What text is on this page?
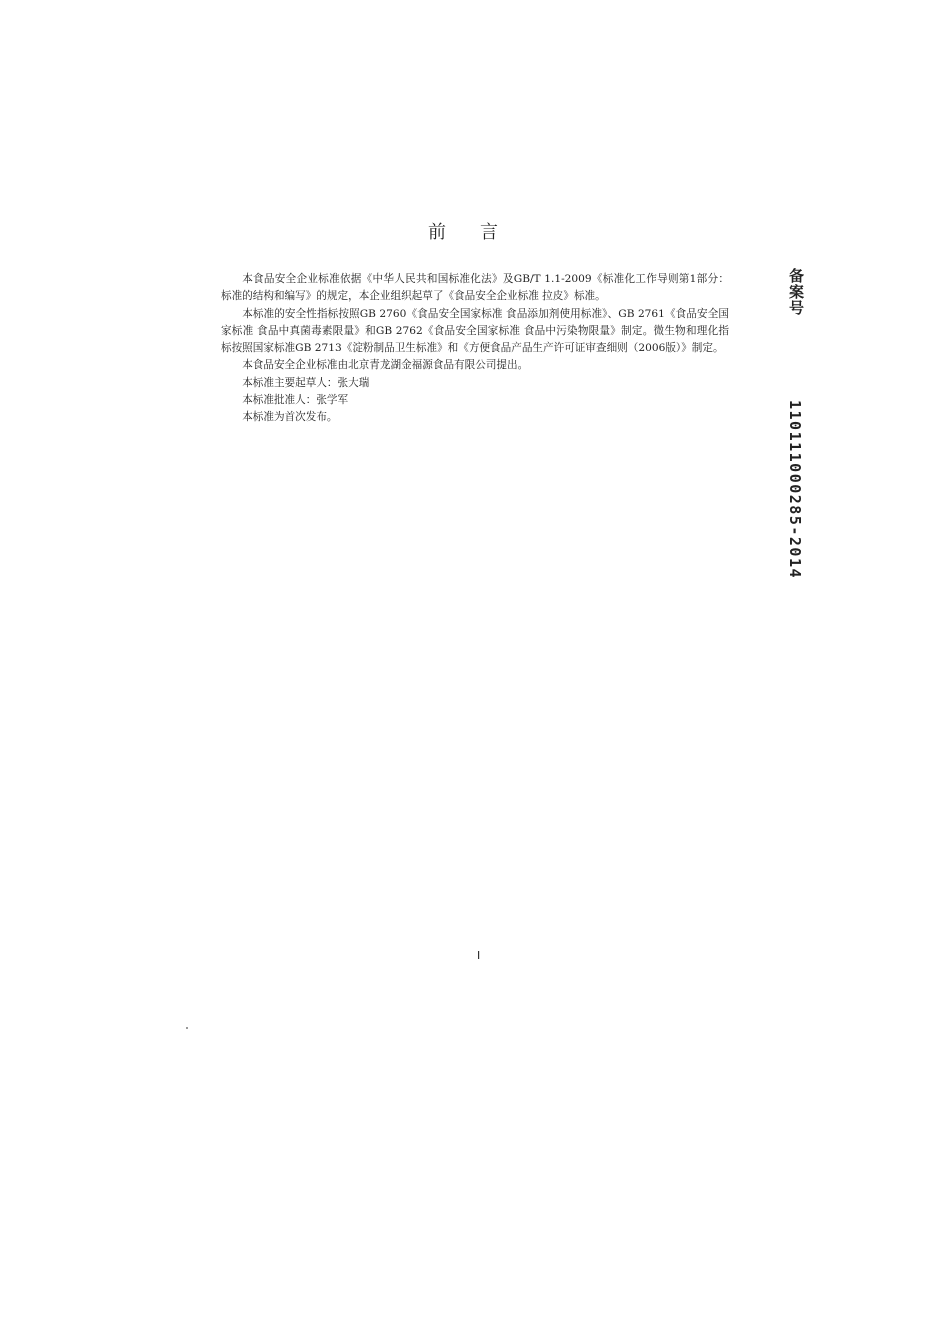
前言

本食品安全企业标准依据《中华人民共和国标准化法》及GB/T 1.1-2009《标准化工作导则第1部分：标准的结构和编写》的规定，本企业组织起草了《食品安全企业标准 拉皮》标准。

本标准的安全性指标按照GB 2760《食品安全国家标准 食品添加剂使用标准》、GB 2761《食品安全国家标准 食品中真菌毒素限量》和GB 2762《食品安全国家标准 食品中污染物限量》制定。微生物和理化指标按照国家标准GB 2713《淀粉制品卫生标准》和《方便食品产品生产许可证审查细则（2006版）》制定。

本食品安全企业标准由北京青龙湖金福源食品有限公司提出。

本标准主要起草人：张大瑞

本标准批准人：张学军

本标准为首次发布。

I
备案号
110111000285-2014
